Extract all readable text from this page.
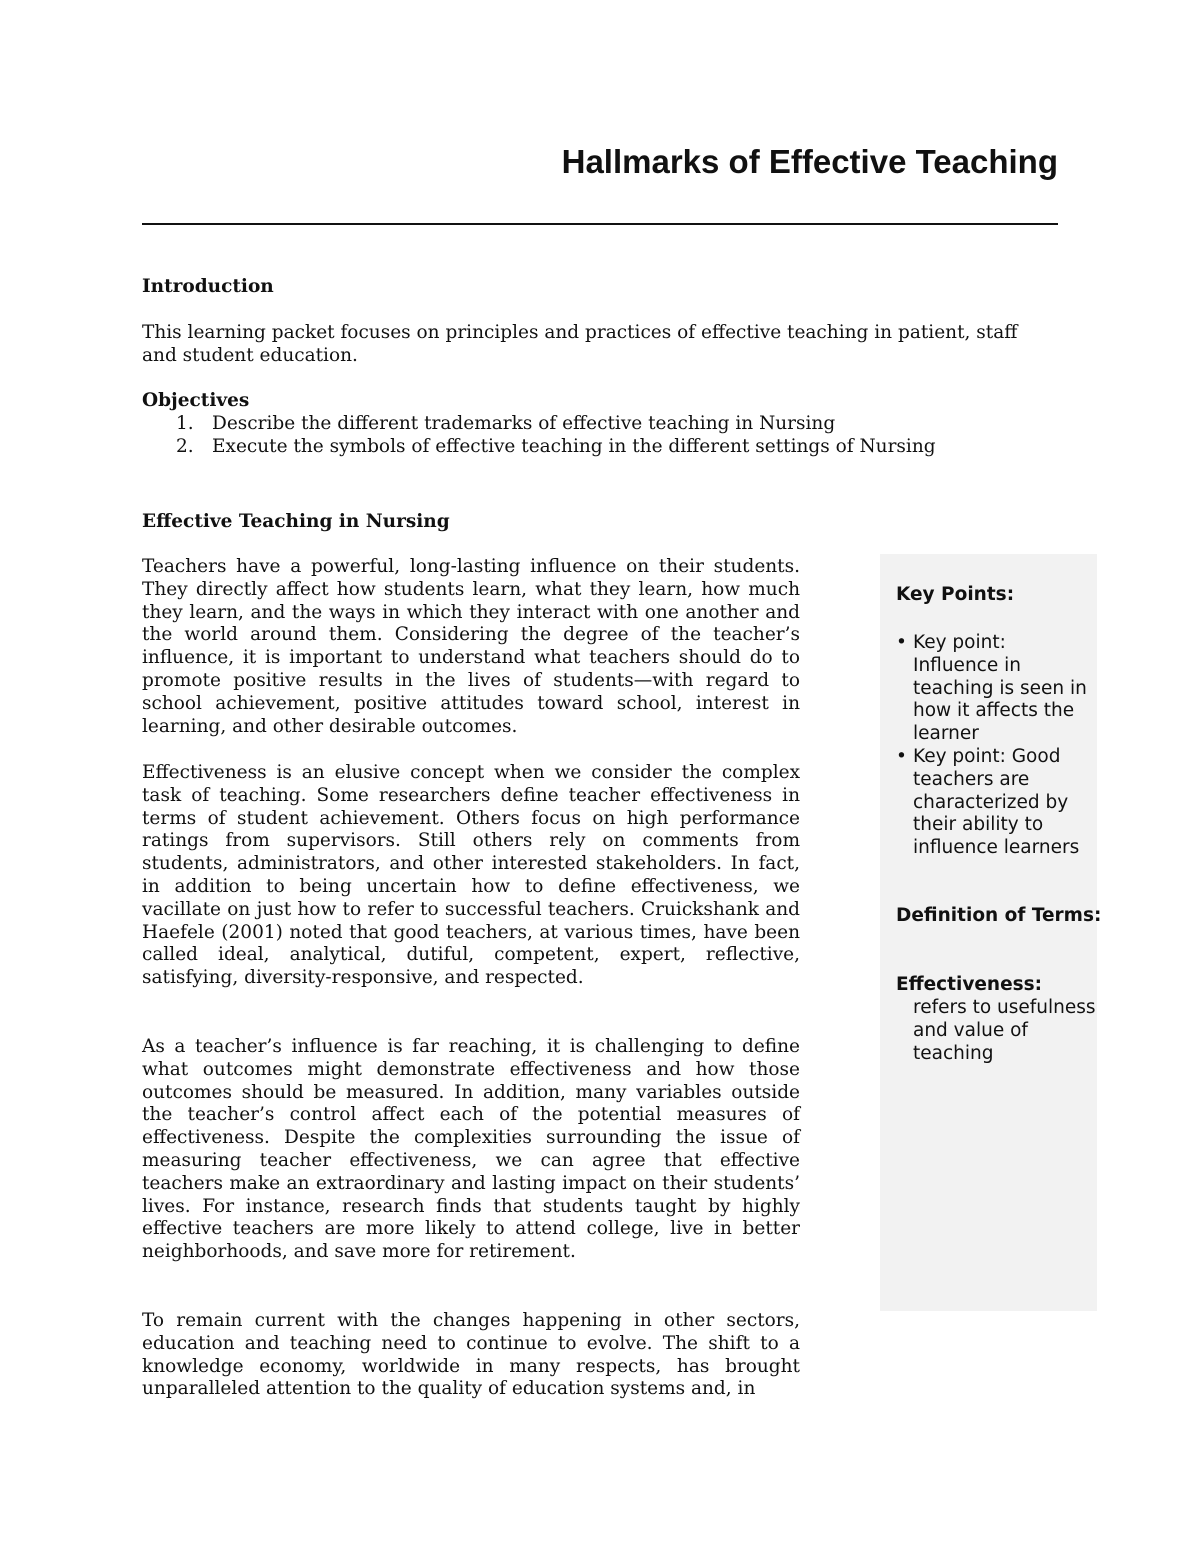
Hallmarks of Effective Teaching
Introduction

This learning packet focuses on principles and practices of effective teaching in patient, staff and student education.

Objectives
1. Describe the different trademarks of effective teaching in Nursing
2. Execute the symbols of effective teaching in the different settings of Nursing
Effective Teaching in Nursing

Teachers have a powerful, long-lasting influence on their students. They directly affect how students learn, what they learn, how much they learn, and the ways in which they interact with one another and the world around them. Considering the degree of the teacher’s influence, it is important to understand what teachers should do to promote positive results in the lives of students—with regard to school achievement, positive attitudes toward school, interest in learning, and other desirable outcomes.

Effectiveness is an elusive concept when we consider the complex task of teaching. Some researchers define teacher effectiveness in terms of student achievement. Others focus on high performance ratings from supervisors. Still others rely on comments from students, administrators, and other interested stakeholders. In fact, in addition to being uncertain how to define effectiveness, we vacillate on just how to refer to successful teachers. Cruickshank and Haefele (2001) noted that good teachers, at various times, have been called ideal, analytical, dutiful, competent, expert, reflective, satisfying, diversity-responsive, and respected.

As a teacher’s influence is far reaching, it is challenging to define what outcomes might demonstrate effectiveness and how those outcomes should be measured. In addition, many variables outside the teacher’s control affect each of the potential measures of effectiveness. Despite the complexities surrounding the issue of measuring teacher effectiveness, we can agree that effective teachers make an extraordinary and lasting impact on their students’ lives. For instance, research finds that students taught by highly effective teachers are more likely to attend college, live in better neighborhoods, and save more for retirement.

To remain current with the changes happening in other sectors, education and teaching need to continue to evolve. The shift to a knowledge economy, worldwide in many respects, has brought unparalleled attention to the quality of education systems and, in

Key Points:
• Key point: Influence in teaching is seen in how it affects the learner
• Key point: Good teachers are characterized by their ability to influence learners

Definition of Terms:

Effectiveness:

refers to usefulness and value of teaching
